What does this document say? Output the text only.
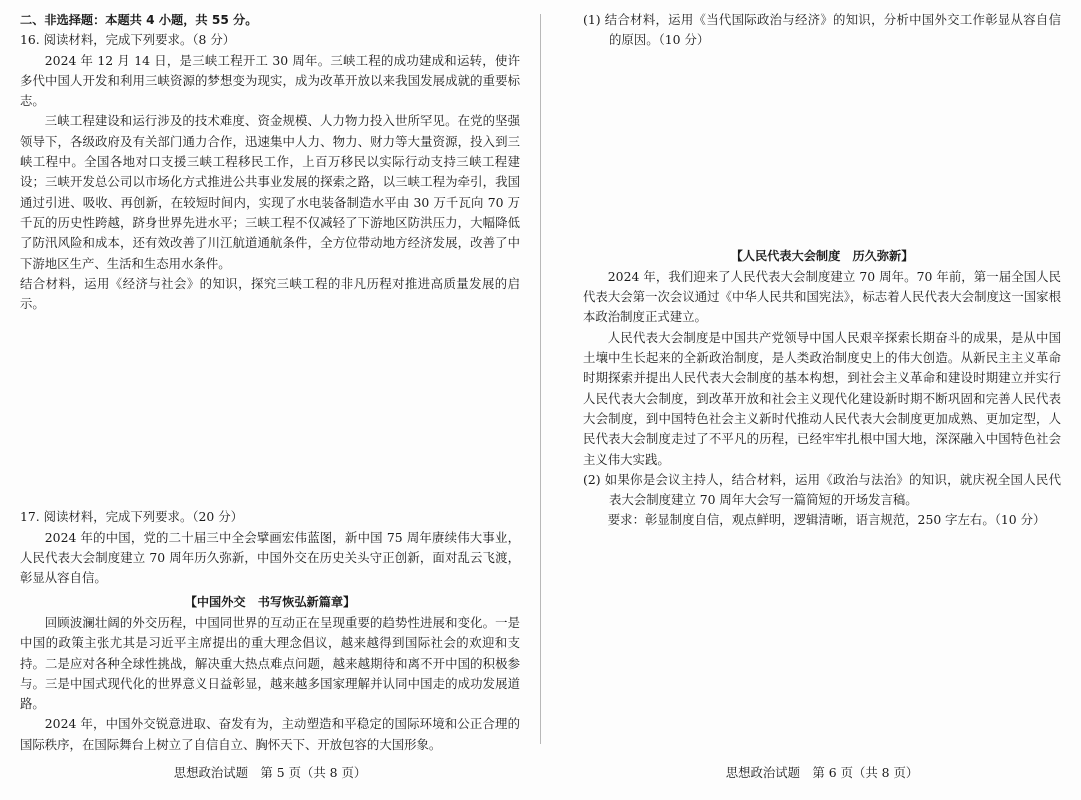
二、非选择题：本题共 4 小题，共 55 分。

16. 阅读材料，完成下列要求。（8 分）

2024 年 12 月 14 日，是三峡工程开工 30 周年。三峡工程的成功建成和运转，使许多代中国人开发和利用三峡资源的梦想变为现实，成为改革开放以来我国发展成就的重要标志。

三峡工程建设和运行涉及的技术难度、资金规模、人力物力投入世所罕见。在党的坚强领导下，各级政府及有关部门通力合作，迅速集中人力、物力、财力等大量资源，投入到三峡工程中。全国各地对口支援三峡工程移民工作，上百万移民以实际行动支持三峡工程建设；三峡开发总公司以市场化方式推进公共事业发展的探索之路，以三峡工程为牵引，我国通过引进、吸收、再创新，在较短时间内，实现了水电装备制造水平由 30 万千瓦向 70 万千瓦的历史性跨越，跻身世界先进水平；三峡工程不仅减轻了下游地区防洪压力，大幅降低了防汛风险和成本，还有效改善了川江航道通航条件，全方位带动地方经济发展，改善了中下游地区生产、生活和生态用水条件。

结合材料，运用《经济与社会》的知识，探究三峡工程的非凡历程对推进高质量发展的启示。

17. 阅读材料，完成下列要求。（20 分）

2024 年的中国，党的二十届三中全会擘画宏伟蓝图，新中国 75 周年赓续伟大事业，人民代表大会制度建立 70 周年历久弥新，中国外交在历史关头守正创新，面对乱云飞渡，彰显从容自信。

【中国外交　书写恢弘新篇章】

回顾波澜壮阔的外交历程，中国同世界的互动正在呈现重要的趋势性进展和变化。一是中国的政策主张尤其是习近平主席提出的重大理念倡议，越来越得到国际社会的欢迎和支持。二是应对各种全球性挑战，解决重大热点难点问题，越来越期待和离不开中国的积极参与。三是中国式现代化的世界意义日益彰显，越来越多国家理解并认同中国走的成功发展道路。

2024 年，中国外交锐意进取、奋发有为，主动塑造和平稳定的国际环境和公正合理的国际秩序，在国际舞台上树立了自信自立、胸怀天下、开放包容的大国形象。

(1) 结合材料，运用《当代国际政治与经济》的知识，分析中国外交工作彰显从容自信的原因。（10 分）

【人民代表大会制度　历久弥新】

2024 年，我们迎来了人民代表大会制度建立 70 周年。70 年前，第一届全国人民代表大会第一次会议通过《中华人民共和国宪法》，标志着人民代表大会制度这一国家根本政治制度正式建立。

人民代表大会制度是中国共产党领导中国人民艰辛探索长期奋斗的成果，是从中国土壤中生长起来的全新政治制度，是人类政治制度史上的伟大创造。从新民主主义革命时期探索并提出人民代表大会制度的基本构想，到社会主义革命和建设时期建立并实行人民代表大会制度，到改革开放和社会主义现代化建设新时期不断巩固和完善人民代表大会制度，到中国特色社会主义新时代推动人民代表大会制度更加成熟、更加定型，人民代表大会制度走过了不平凡的历程，已经牢牢扎根中国大地，深深融入中国特色社会主义伟大实践。

(2) 如果你是会议主持人，结合材料，运用《政治与法治》的知识，就庆祝全国人民代表大会制度建立 70 周年大会写一篇简短的开场发言稿。

要求：彰显制度自信，观点鲜明，逻辑清晰，语言规范，250 字左右。（10 分）

思想政治试题　第 5 页（共 8 页）	思想政治试题　第 6 页（共 8 页）
